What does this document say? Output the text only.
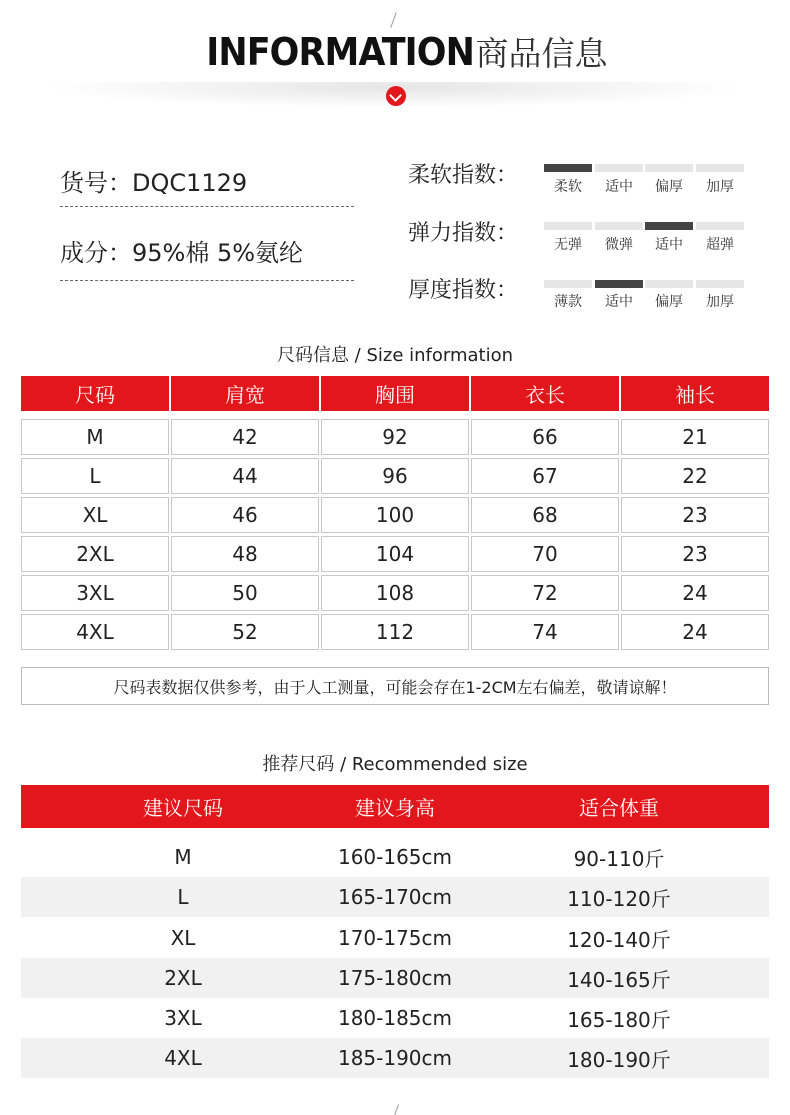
INFORMATION商品信息
货号：DQC1129
成分：95%棉 5%氨纶
柔软指数：	柔软	适中	偏厚	加厚
弹力指数：	无弹	微弹	适中	超弹
厚度指数：	薄款	适中	偏厚	加厚
尺码信息 / Size information
尺码	肩宽	胸围	衣长	袖长
M	42	92	66	21
L	44	96	67	22
XL	46	100	68	23
2XL	48	104	70	23
3XL	50	108	72	24
4XL	52	112	74	24
尺码表数据仅供参考，由于人工测量，可能会存在1-2CM左右偏差，敬请谅解！
推荐尺码 / Recommended size
建议尺码	建议身高	适合体重
M	160-165cm	90-110斤
L	165-170cm	110-120斤
XL	170-175cm	120-140斤
2XL	175-180cm	140-165斤
3XL	180-185cm	165-180斤
4XL	185-190cm	180-190斤
